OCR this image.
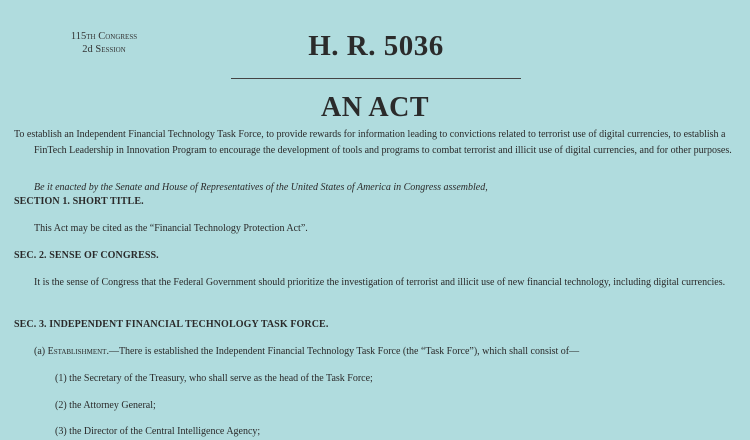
115th Congress
2d Session	H. R. 5036
AN ACT
To establish an Independent Financial Technology Task Force, to provide rewards for information leading to convictions related to terrorist use of digital currencies, to establish a FinTech Leadership in Innovation Program to encourage the development of tools and programs to combat terrorist and illicit use of digital currencies, and for other purposes.
Be it enacted by the Senate and House of Representatives of the United States of America in Congress assembled,
SECTION 1. SHORT TITLE.
This Act may be cited as the “Financial Technology Protection Act”.
SEC. 2. SENSE OF CONGRESS.
It is the sense of Congress that the Federal Government should prioritize the investigation of terrorist and illicit use of new financial technology, including digital currencies.
SEC. 3. INDEPENDENT FINANCIAL TECHNOLOGY TASK FORCE.
(a) Establishment.—There is established the Independent Financial Technology Task Force (the “Task Force”), which shall consist of—
(1) the Secretary of the Treasury, who shall serve as the head of the Task Force;
(2) the Attorney General;
(3) the Director of the Central Intelligence Agency;
